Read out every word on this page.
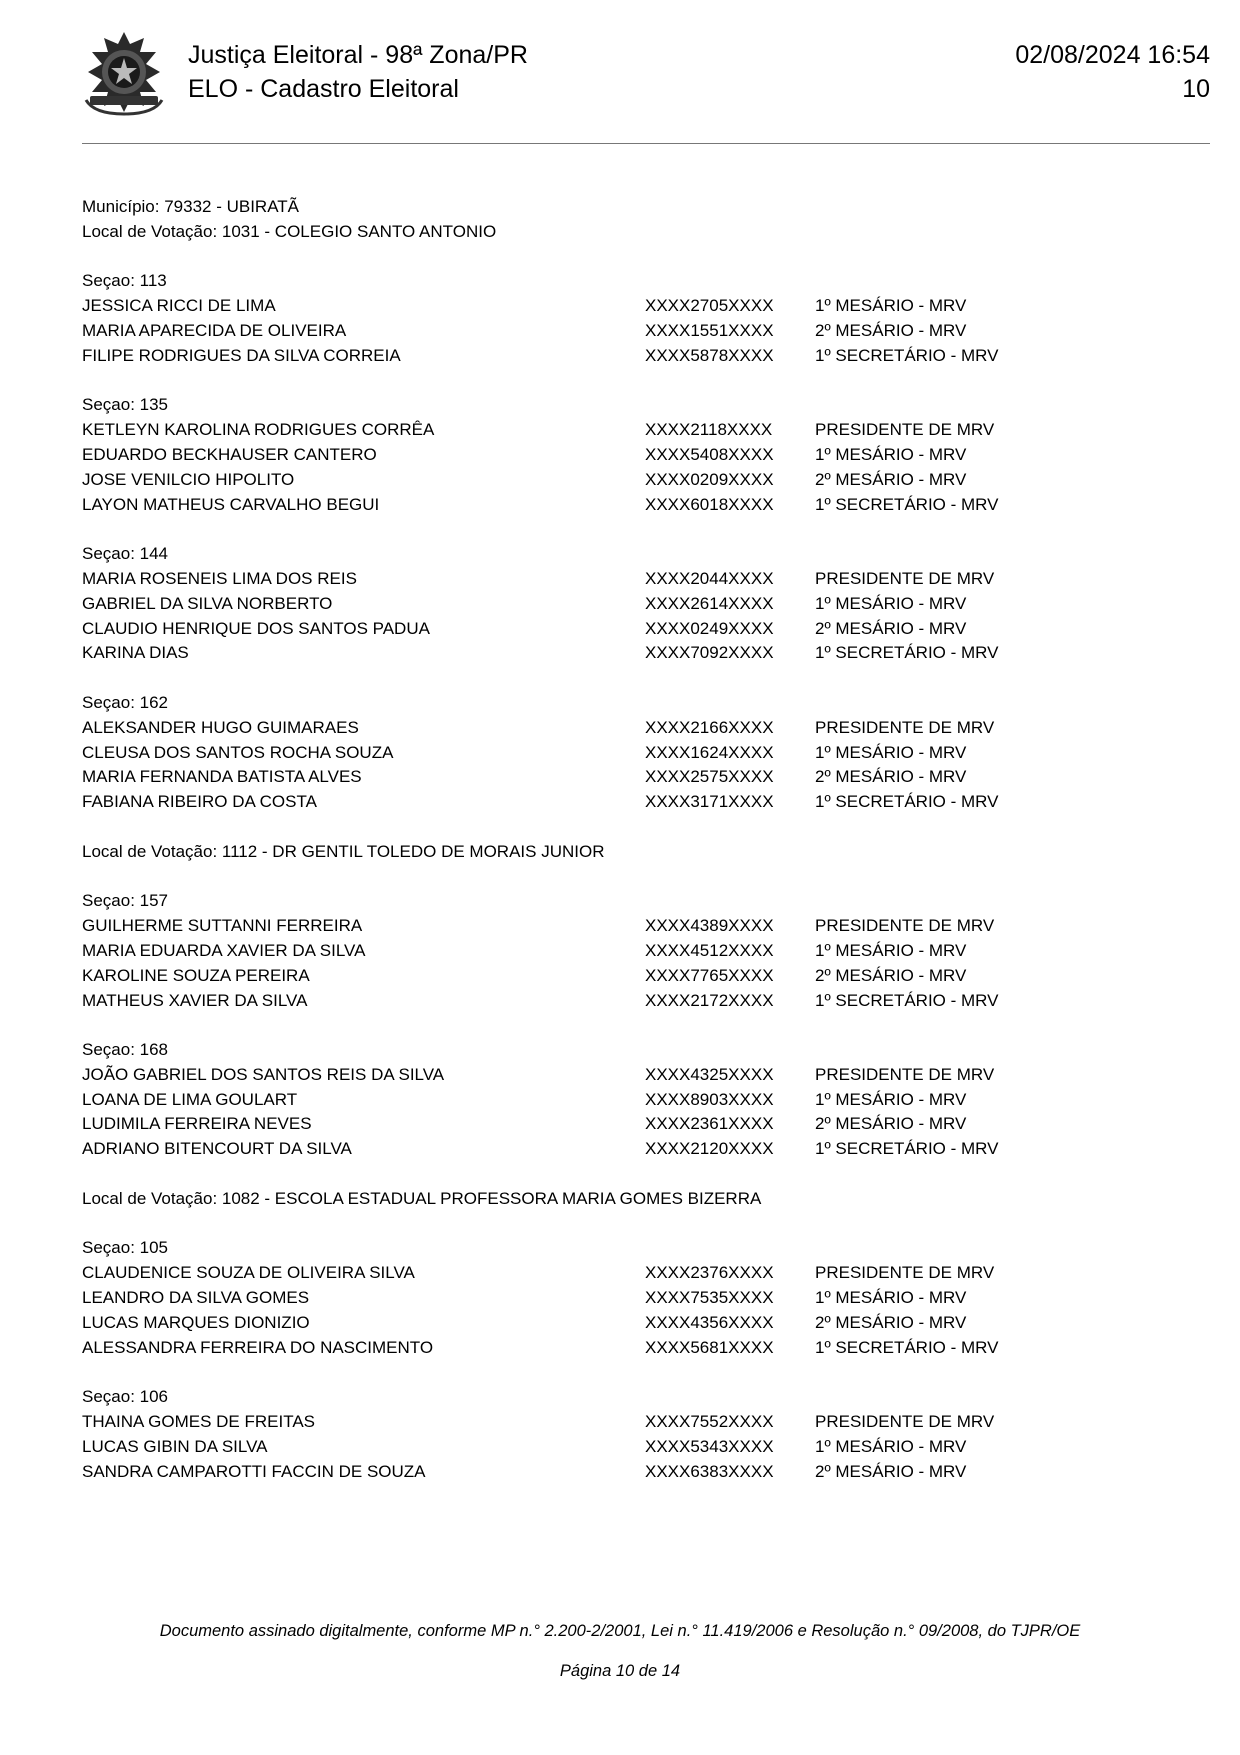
Justiça Eleitoral - 98ª Zona/PR
ELO - Cadastro Eleitoral
02/08/2024 16:54
10
Município: 79332 - UBIRATÃ
Local de Votação: 1031 - COLEGIO SANTO ANTONIO
Seçao: 113
JESSICA RICCI DE LIMA	XXXX2705XXXX	1º MESÁRIO - MRV
MARIA APARECIDA DE OLIVEIRA	XXXX1551XXXX	2º MESÁRIO - MRV
FILIPE RODRIGUES DA SILVA CORREIA	XXXX5878XXXX	1º SECRETÁRIO - MRV
Seçao: 135
KETLEYN KAROLINA RODRIGUES CORRÊA	XXXX2118XXXX	PRESIDENTE DE MRV
EDUARDO BECKHAUSER CANTERO	XXXX5408XXXX	1º MESÁRIO - MRV
JOSE VENILCIO HIPOLITO	XXXX0209XXXX	2º MESÁRIO - MRV
LAYON MATHEUS CARVALHO BEGUI	XXXX6018XXXX	1º SECRETÁRIO - MRV
Seçao: 144
MARIA ROSENEIS LIMA DOS REIS	XXXX2044XXXX	PRESIDENTE DE MRV
GABRIEL DA SILVA NORBERTO	XXXX2614XXXX	1º MESÁRIO - MRV
CLAUDIO HENRIQUE DOS SANTOS PADUA	XXXX0249XXXX	2º MESÁRIO - MRV
KARINA DIAS	XXXX7092XXXX	1º SECRETÁRIO - MRV
Seçao: 162
ALEKSANDER HUGO GUIMARAES	XXXX2166XXXX	PRESIDENTE DE MRV
CLEUSA DOS SANTOS ROCHA SOUZA	XXXX1624XXXX	1º MESÁRIO - MRV
MARIA FERNANDA BATISTA ALVES	XXXX2575XXXX	2º MESÁRIO - MRV
FABIANA RIBEIRO DA COSTA	XXXX3171XXXX	1º SECRETÁRIO - MRV
Local de Votação: 1112 - DR GENTIL TOLEDO DE MORAIS JUNIOR
Seçao: 157
GUILHERME SUTTANNI FERREIRA	XXXX4389XXXX	PRESIDENTE DE MRV
MARIA EDUARDA XAVIER DA SILVA	XXXX4512XXXX	1º MESÁRIO - MRV
KAROLINE SOUZA PEREIRA	XXXX7765XXXX	2º MESÁRIO - MRV
MATHEUS XAVIER DA SILVA	XXXX2172XXXX	1º SECRETÁRIO - MRV
Seçao: 168
JOÃO GABRIEL DOS SANTOS REIS DA SILVA	XXXX4325XXXX	PRESIDENTE DE MRV
LOANA DE LIMA GOULART	XXXX8903XXXX	1º MESÁRIO - MRV
LUDIMILA FERREIRA NEVES	XXXX2361XXXX	2º MESÁRIO - MRV
ADRIANO BITENCOURT DA SILVA	XXXX2120XXXX	1º SECRETÁRIO - MRV
Local de Votação: 1082 - ESCOLA ESTADUAL PROFESSORA MARIA GOMES BIZERRA
Seçao: 105
CLAUDENICE SOUZA DE OLIVEIRA SILVA	XXXX2376XXXX	PRESIDENTE DE MRV
LEANDRO DA SILVA GOMES	XXXX7535XXXX	1º MESÁRIO - MRV
LUCAS MARQUES DIONIZIO	XXXX4356XXXX	2º MESÁRIO - MRV
ALESSANDRA FERREIRA DO NASCIMENTO	XXXX5681XXXX	1º SECRETÁRIO - MRV
Seçao: 106
THAINA GOMES DE FREITAS	XXXX7552XXXX	PRESIDENTE DE MRV
LUCAS GIBIN DA SILVA	XXXX5343XXXX	1º MESÁRIO - MRV
SANDRA CAMPAROTTI FACCIN DE SOUZA	XXXX6383XXXX	2º MESÁRIO - MRV
Documento assinado digitalmente, conforme MP n.° 2.200-2/2001, Lei n.° 11.419/2006 e Resolução n.° 09/2008, do TJPR/OE
Página 10 de 14
